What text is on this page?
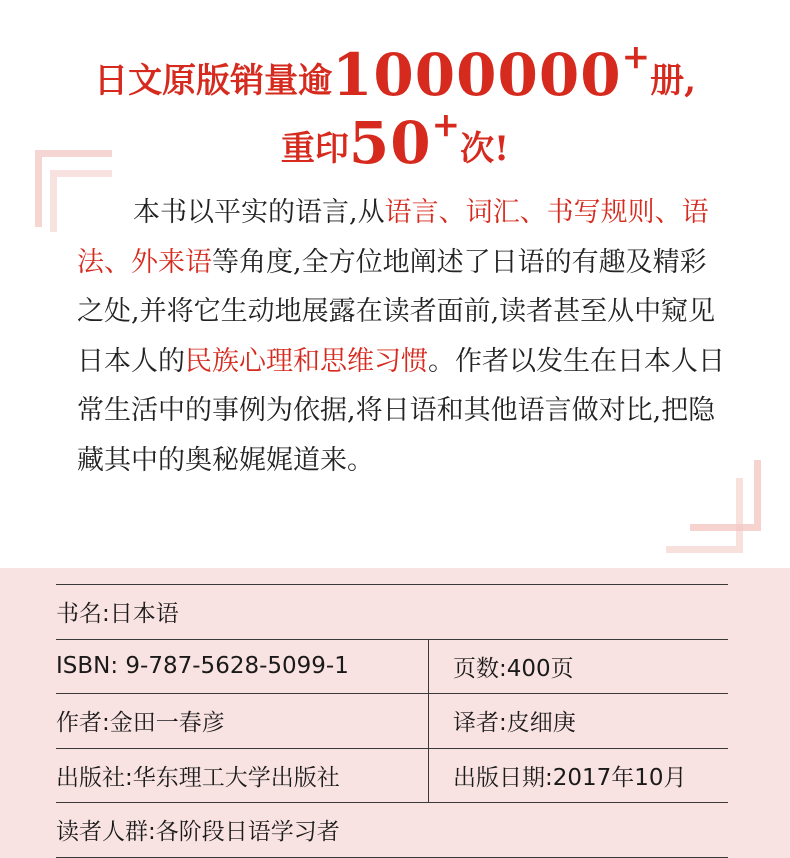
日文原版销量逾1000000+册,
重印50+次!
本书以平实的语言,从语言、词汇、书写规则、语法、外来语等角度,全方位地阐述了日语的有趣及精彩之处,并将它生动地展露在读者面前,读者甚至从中窥见日本人的民族心理和思维习惯。作者以发生在日本人日常生活中的事例为依据,将日语和其他语言做对比,把隐藏其中的奥秘娓娓道来。
书名:日本语
ISBN: 9-787-5628-5099-1	页数:400页
作者:金田一春彦	译者:皮细庚
出版社:华东理工大学出版社	出版日期:2017年10月
读者人群:各阶段日语学习者
